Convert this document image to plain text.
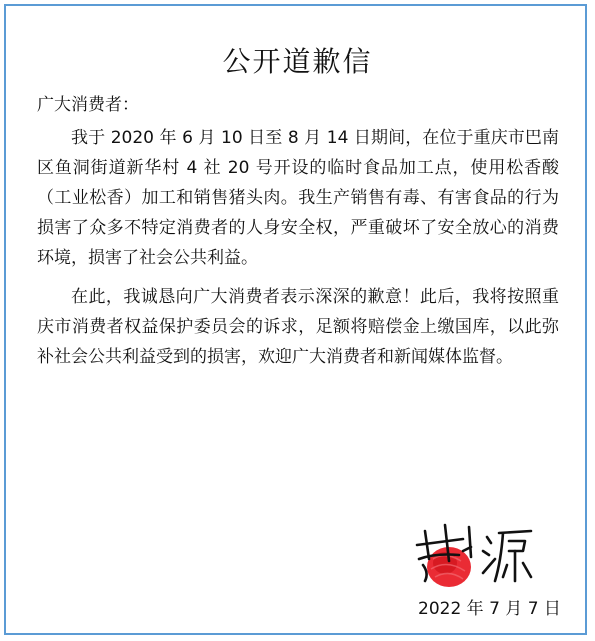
公开道歉信
广大消费者：

我于 2020 年 6 月 10 日至 8 月 14 日期间，在位于重庆市巴南区鱼洞街道新华村 4 社 20 号开设的临时食品加工点，使用松香酸（工业松香）加工和销售猪头肉。我生产销售有毒、有害食品的行为损害了众多不特定消费者的人身安全权，严重破坏了安全放心的消费环境，损害了社会公共利益。

在此，我诚恳向广大消费者表示深深的歉意！此后，我将按照重庆市消费者权益保护委员会的诉求，足额将赔偿金上缴国库，以此弥补社会公共利益受到的损害，欢迎广大消费者和新闻媒体监督。

2022 年 7 月 7 日
